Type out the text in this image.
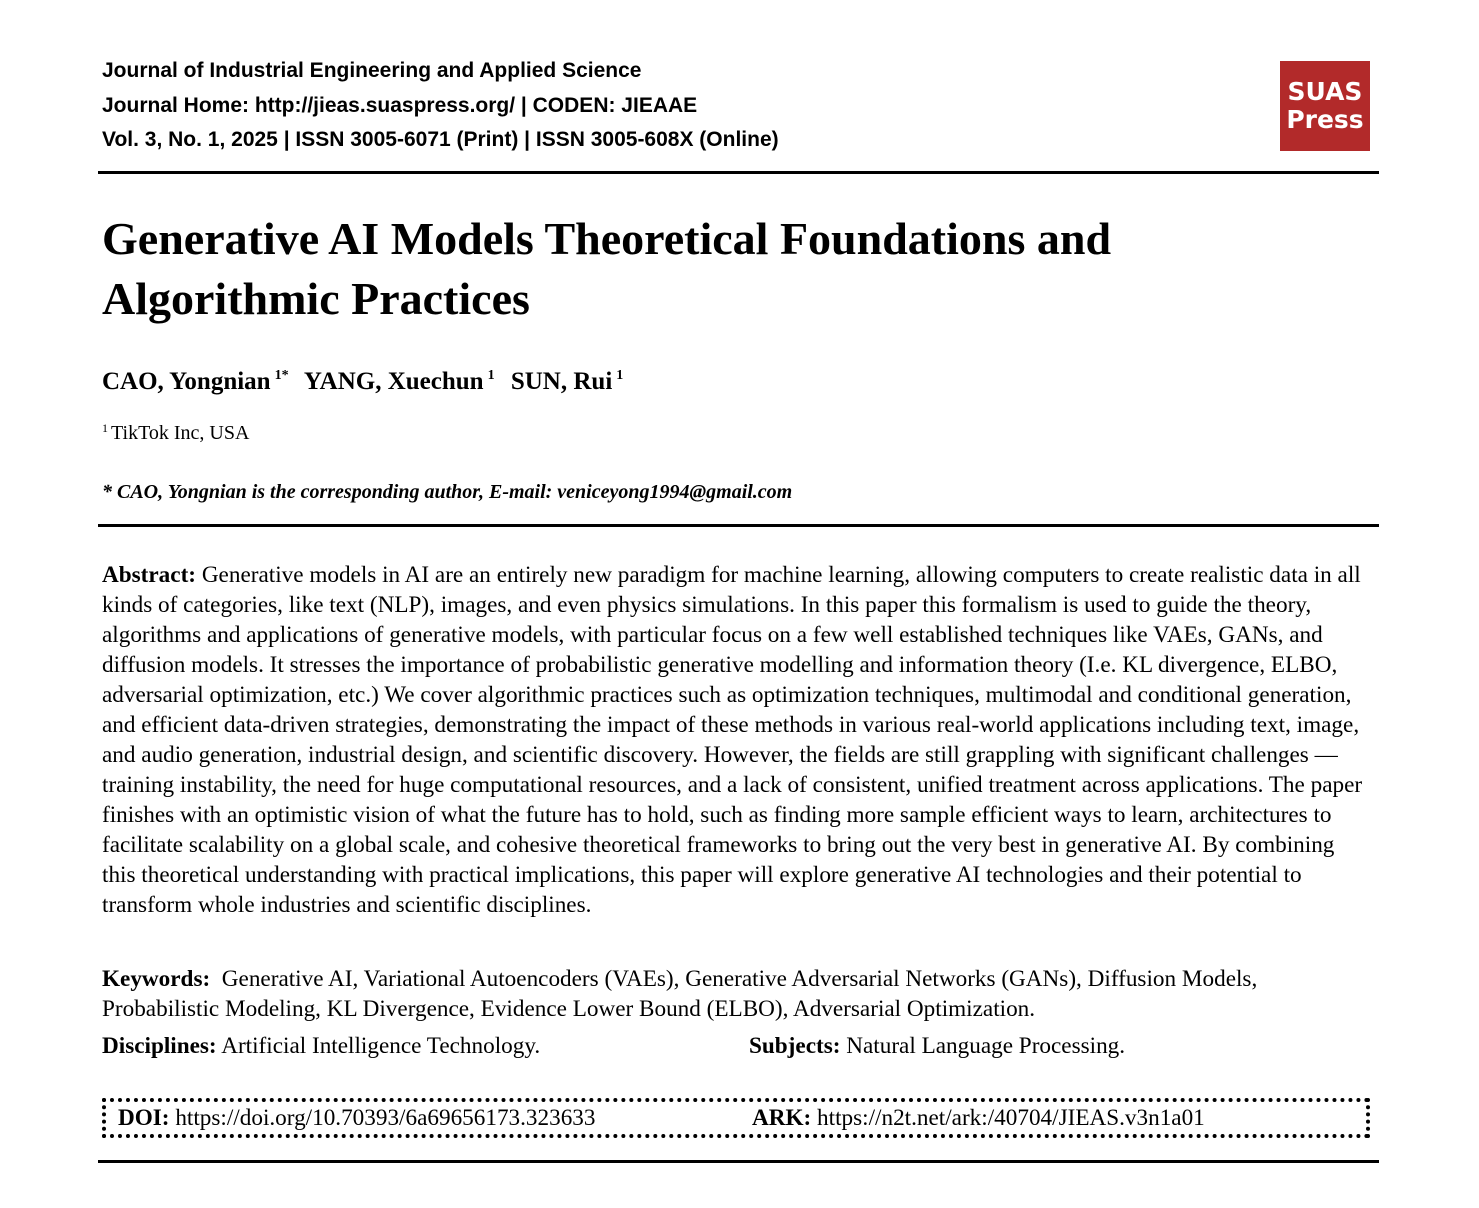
Journal of Industrial Engineering and Applied Science
Journal Home: http://jieas.suaspress.org/ | CODEN: JIEAAE
Vol. 3, No. 1, 2025 | ISSN 3005-6071 (Print) | ISSN 3005-608X (Online)
SUAS
Press
Generative AI Models Theoretical Foundations and Algorithmic Practices
CAO, Yongnian $^{1*}$ YANG, Xuechun $^1$ SUN, Rui $^1$
$^1$ TikTok Inc, USA
* CAO, Yongnian is the corresponding author, E-mail: veniceyong1994@gmail.com
Abstract: Generative models in AI are an entirely new paradigm for machine learning, allowing computers to create realistic data in all kinds of categories, like text (NLP), images, and even physics simulations. In this paper this formalism is used to guide the theory, algorithms and applications of generative models, with particular focus on a few well established techniques like VAEs, GANs, and diffusion models. It stresses the importance of probabilistic generative modelling and information theory (I.e. KL divergence, ELBO, adversarial optimization, etc.) We cover algorithmic practices such as optimization techniques, multimodal and conditional generation, and efficient data-driven strategies, demonstrating the impact of these methods in various real-world applications including text, image, and audio generation, industrial design, and scientific discovery. However, the fields are still grappling with significant challenges — training instability, the need for huge computational resources, and a lack of consistent, unified treatment across applications. The paper finishes with an optimistic vision of what the future has to hold, such as finding more sample efficient ways to learn, architectures to facilitate scalability on a global scale, and cohesive theoretical frameworks to bring out the very best in generative AI. By combining this theoretical understanding with practical implications, this paper will explore generative AI technologies and their potential to transform whole industries and scientific disciplines.
Keywords: Generative AI, Variational Autoencoders (VAEs), Generative Adversarial Networks (GANs), Diffusion Models, Probabilistic Modeling, KL Divergence, Evidence Lower Bound (ELBO), Adversarial Optimization.
Disciplines: Artificial Intelligence Technology.	Subjects: Natural Language Processing.
DOI: https://doi.org/10.70393/6a69656173.323633	ARK: https://n2t.net/ark:/40704/JIEAS.v3n1a01
